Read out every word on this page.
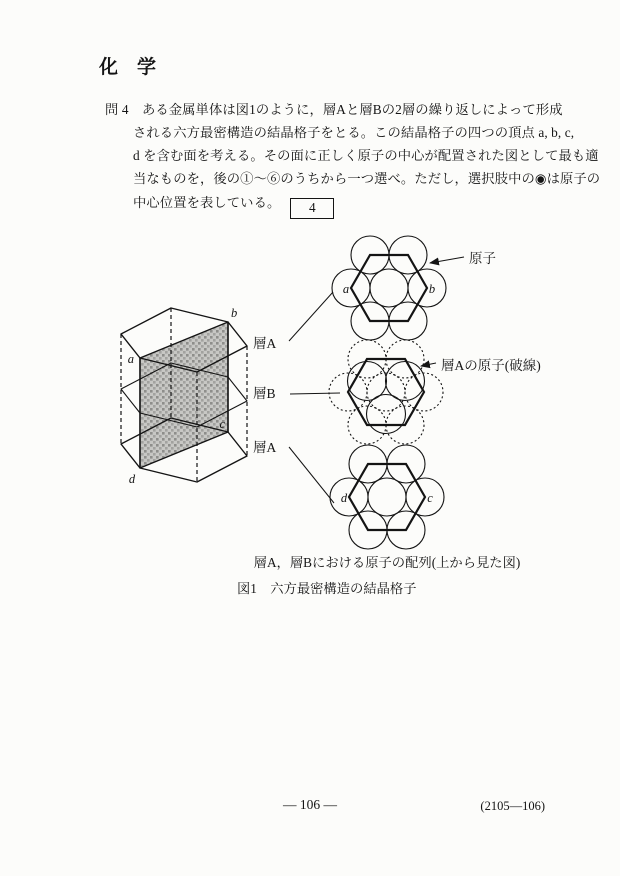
化　学
問 4　ある金属単体は図1のように，層Aと層Bの2層の繰り返しによって形成
される六方最密構造の結晶格子をとる。この結晶格子の四つの頂点 a, b, c,
d を含む面を考える。その面に正しく原子の中心が配置された図として最も適
当なものを，後の①～⑥のうちから一つ選べ。ただし，選択肢中の◉は原子の
中心位置を表している。 4
a
b
c
d
層A
層B
層A
a	b
原子
層Aの原子(破線)
d	c
層A，層Bにおける原子の配列(上から見た図)
図1　六方最密構造の結晶格子
— 106 —	(2105—106)
